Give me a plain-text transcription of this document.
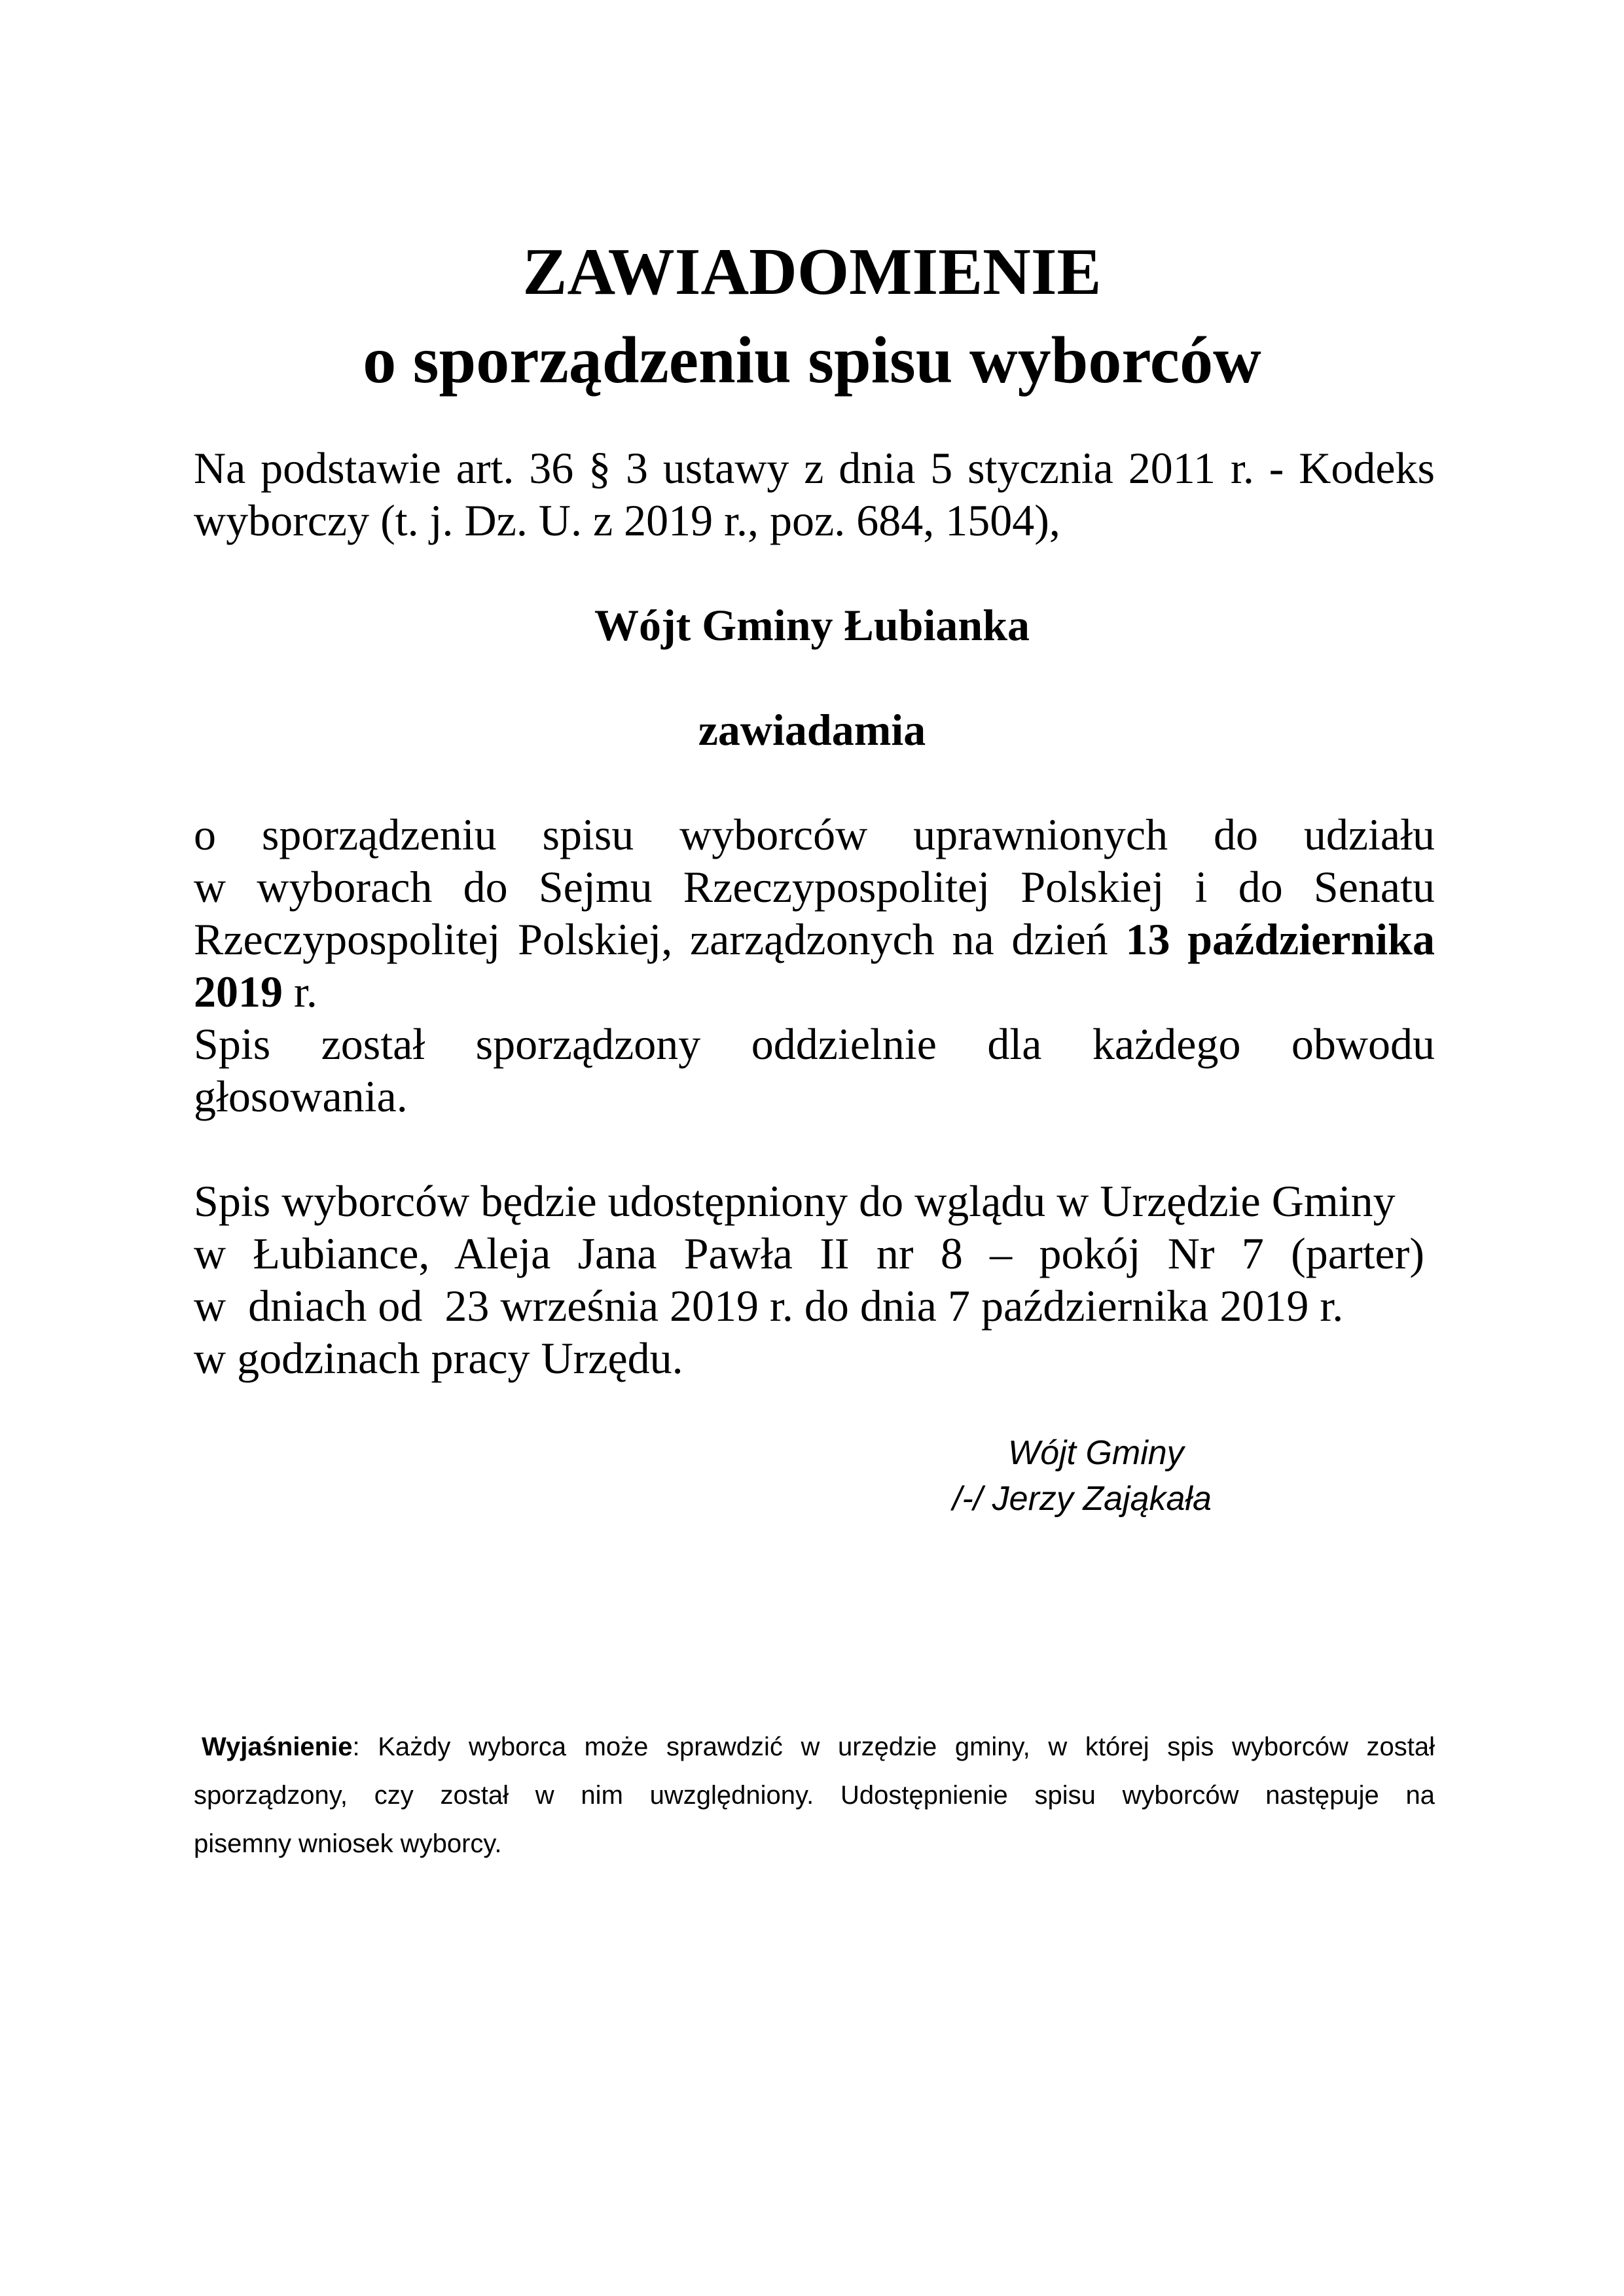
ZAWIADOMIENIE
o sporządzeniu spisu wyborców
Na podstawie art. 36 § 3 ustawy z dnia 5 stycznia 2011 r. - Kodeks
wyborczy (t. j. Dz. U. z 2019 r., poz. 684, 1504),
Wójt Gminy Łubianka
zawiadamia
o sporządzeniu spisu wyborców uprawnionych do udziału
w wyborach do Sejmu Rzeczypospolitej Polskiej i do Senatu
Rzeczypospolitej Polskiej, zarządzonych na dzień 13 października
2019 r.
Spis został sporządzony oddzielnie dla każdego obwodu
głosowania.
Spis wyborców będzie udostępniony do wglądu w Urzędzie Gminy
w Łubiance, Aleja Jana Pawła II nr 8 – pokój Nr 7 (parter)
w  dniach od  23 września 2019 r. do dnia 7 października 2019 r.
w godzinach pracy Urzędu.
Wójt Gminy
/-/ Jerzy Zająkała
Wyjaśnienie: Każdy wyborca może sprawdzić w urzędzie gminy, w której spis wyborców został
sporządzony, czy został w nim uwzględniony. Udostępnienie spisu wyborców następuje na
pisemny wniosek wyborcy.
